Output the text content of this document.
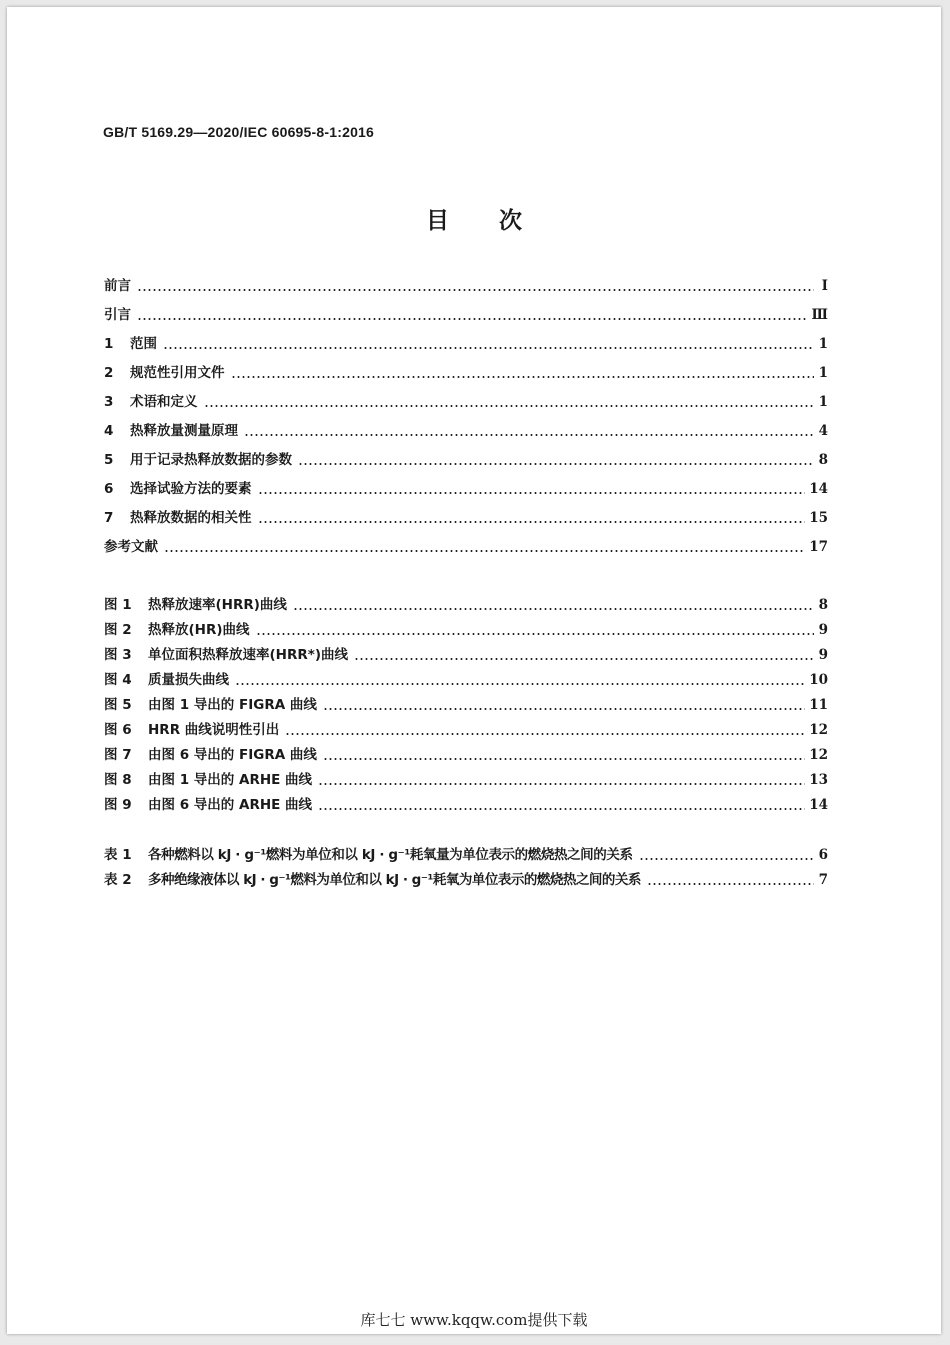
GB/T 5169.29—2020/IEC 60695-8-1:2016
目 次
前言	Ⅰ
引言	Ⅲ
1 范围	1
2 规范性引用文件	1
3 术语和定义	1
4 热释放量测量原理	4
5 用于记录热释放数据的参数	8
6 选择试验方法的要素	14
7 热释放数据的相关性	15
参考文献	17
图 1 热释放速率(HRR)曲线	8
图 2 热释放(HR)曲线	9
图 3 单位面积热释放速率(HRR*)曲线	9
图 4 质量损失曲线	10
图 5 由图 1 导出的 FIGRA 曲线	11
图 6 HRR 曲线说明性引出	12
图 7 由图 6 导出的 FIGRA 曲线	12
图 8 由图 1 导出的 ARHE 曲线	13
图 9 由图 6 导出的 ARHE 曲线	14
表 1 各种燃料以 kJ · g⁻¹燃料为单位和以 kJ · g⁻¹耗氧量为单位表示的燃烧热之间的关系	6
表 2 多种绝缘液体以 kJ · g⁻¹燃料为单位和以 kJ · g⁻¹耗氧为单位表示的燃烧热之间的关系	7
库七七 www.kqqw.com提供下载
